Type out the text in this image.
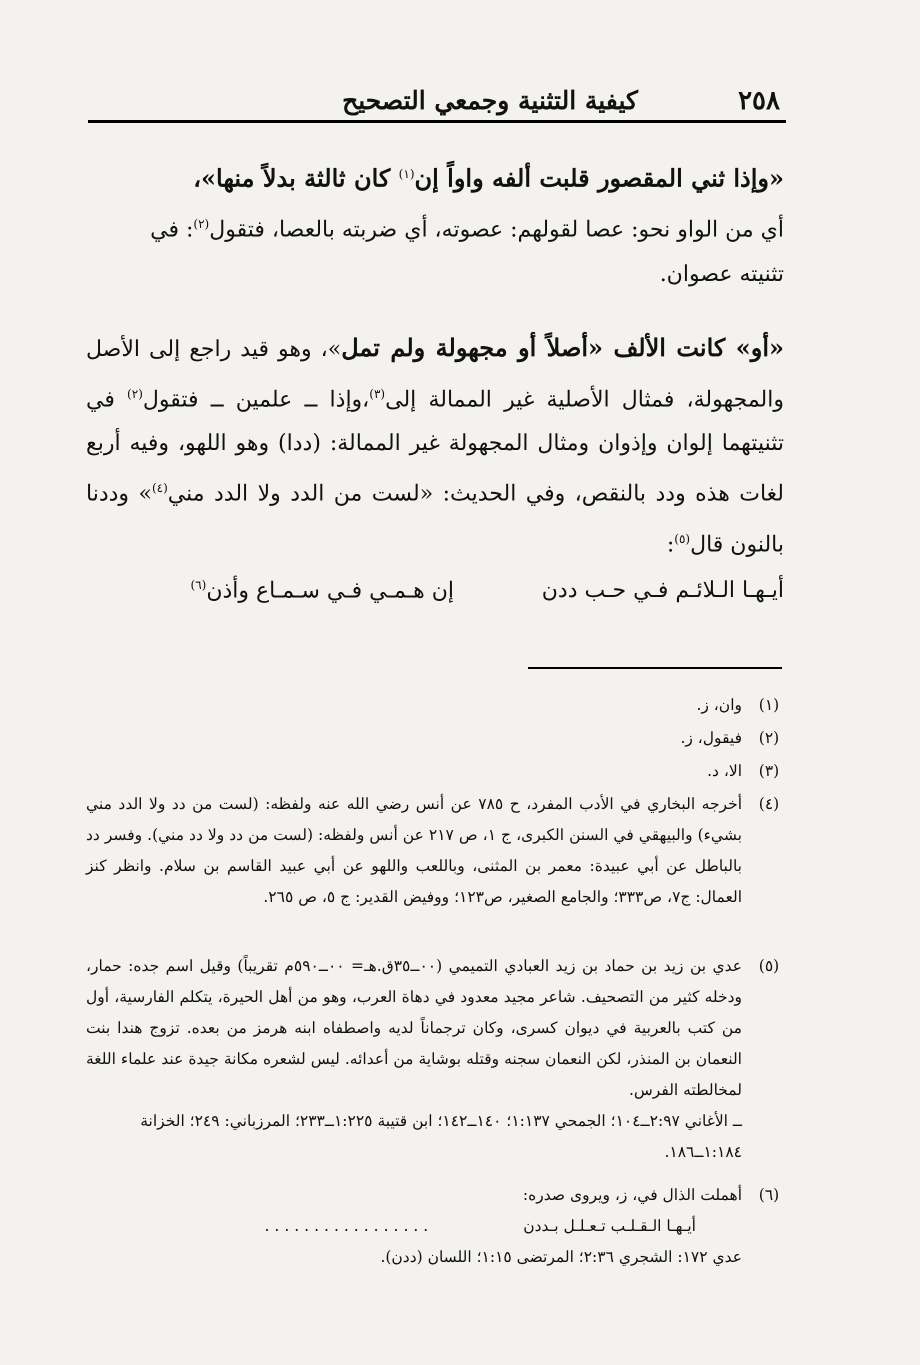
٢٥٨
كيفية التثنية وجمعي التصحيح
«وإذا ثني المقصور قلبت ألفه واواً إن$^{(١)}$ كان ثالثة بدلاً منها»،
أي من الواو نحو: عصا لقولهم: عصوته، أي ضربته بالعصا، فتقول$^{(٢)}$: في
تثنيته عصوان.
«أو» كانت الألف «أصلاً أو مجهولة ولم تمل»، وهو قيد راجع إلى الأصل والمجهولة، فمثال الأصلية غير الممالة إلى$^{(٣)}$،وإذا ــ علمين ــ فتقول$^{(٢)}$ في تثنيتهما إلوان وإذوان ومثال المجهولة غير الممالة: (ددا) وهو اللهو، وفيه أربع لغات هذه ودد بالنقص، وفي الحديث: «لست من الدد ولا الدد مني$^{(٤)}$» وددنا بالنون قال$^{(٥)}$:
أيـهـا الـلائـم فـي حـب ددن
إن هـمـي فـي سـمـاع وأذن$^{(٦)}$
(١)
وان، ز.
(٢)
فيقول، ز.
(٣)
الا، د.
(٤)
أخرجه البخاري في الأدب المفرد، ح ٧٨٥ عن أنس رضي الله عنه ولفظه: (لست من دد ولا الدد مني بشيء) والبيهقي في السنن الكبرى، ج ١، ص ٢١٧ عن أنس ولفظه: (لست من دد ولا دد مني). وفسر دد بالباطل عن أبي عبيدة: معمر بن المثنى، وباللعب واللهو عن أبي عبيد القاسم بن سلام. وانظر كنز العمال: ج٧، ص٣٣٣؛ والجامع الصغير، ص١٢٣؛ ووفيض القدير: ج ٥، ص ٢٦٥.
(٥)
عدي بن زيد بن حماد بن زيد العبادي التميمي (٠٠ــ٣٥ق.هـ= ٠٠ــ٥٩٠م تقريباً) وقيل اسم جده: حمار، ودخله كثير من التصحيف. شاعر مجيد معدود في دهاة العرب، وهو من أهل الحيرة، يتكلم الفارسية، أول من كتب بالعربية في ديوان كسرى، وكان ترجماناً لديه واصطفاه ابنه هرمز من بعده. تزوج هندا بنت النعمان بن المنذر، لكن النعمان سجنه وقتله بوشاية من أعدائه. ليس لشعره مكانة جيدة عند علماء اللغة لمخالطته الفرس.
ــ الأغاني ٢:٩٧ــ١٠٤؛ الجمحي ١:١٣٧؛ ١٤٠ــ١٤٢؛ ابن قتيبة ١:٢٢٥ــ٢٣٣؛ المرزباني: ٢٤٩؛ الخزانة ١:١٨٤ــ١٨٦.
(٦)
أهملت الذال في، ز، ويروى صدره:
أيـهـا الـقـلـب تـعـلـل بـددن.................
عدي ١٧٢: الشجري ٢:٣٦؛ المرتضى ١:١٥؛ اللسان (ددن).
